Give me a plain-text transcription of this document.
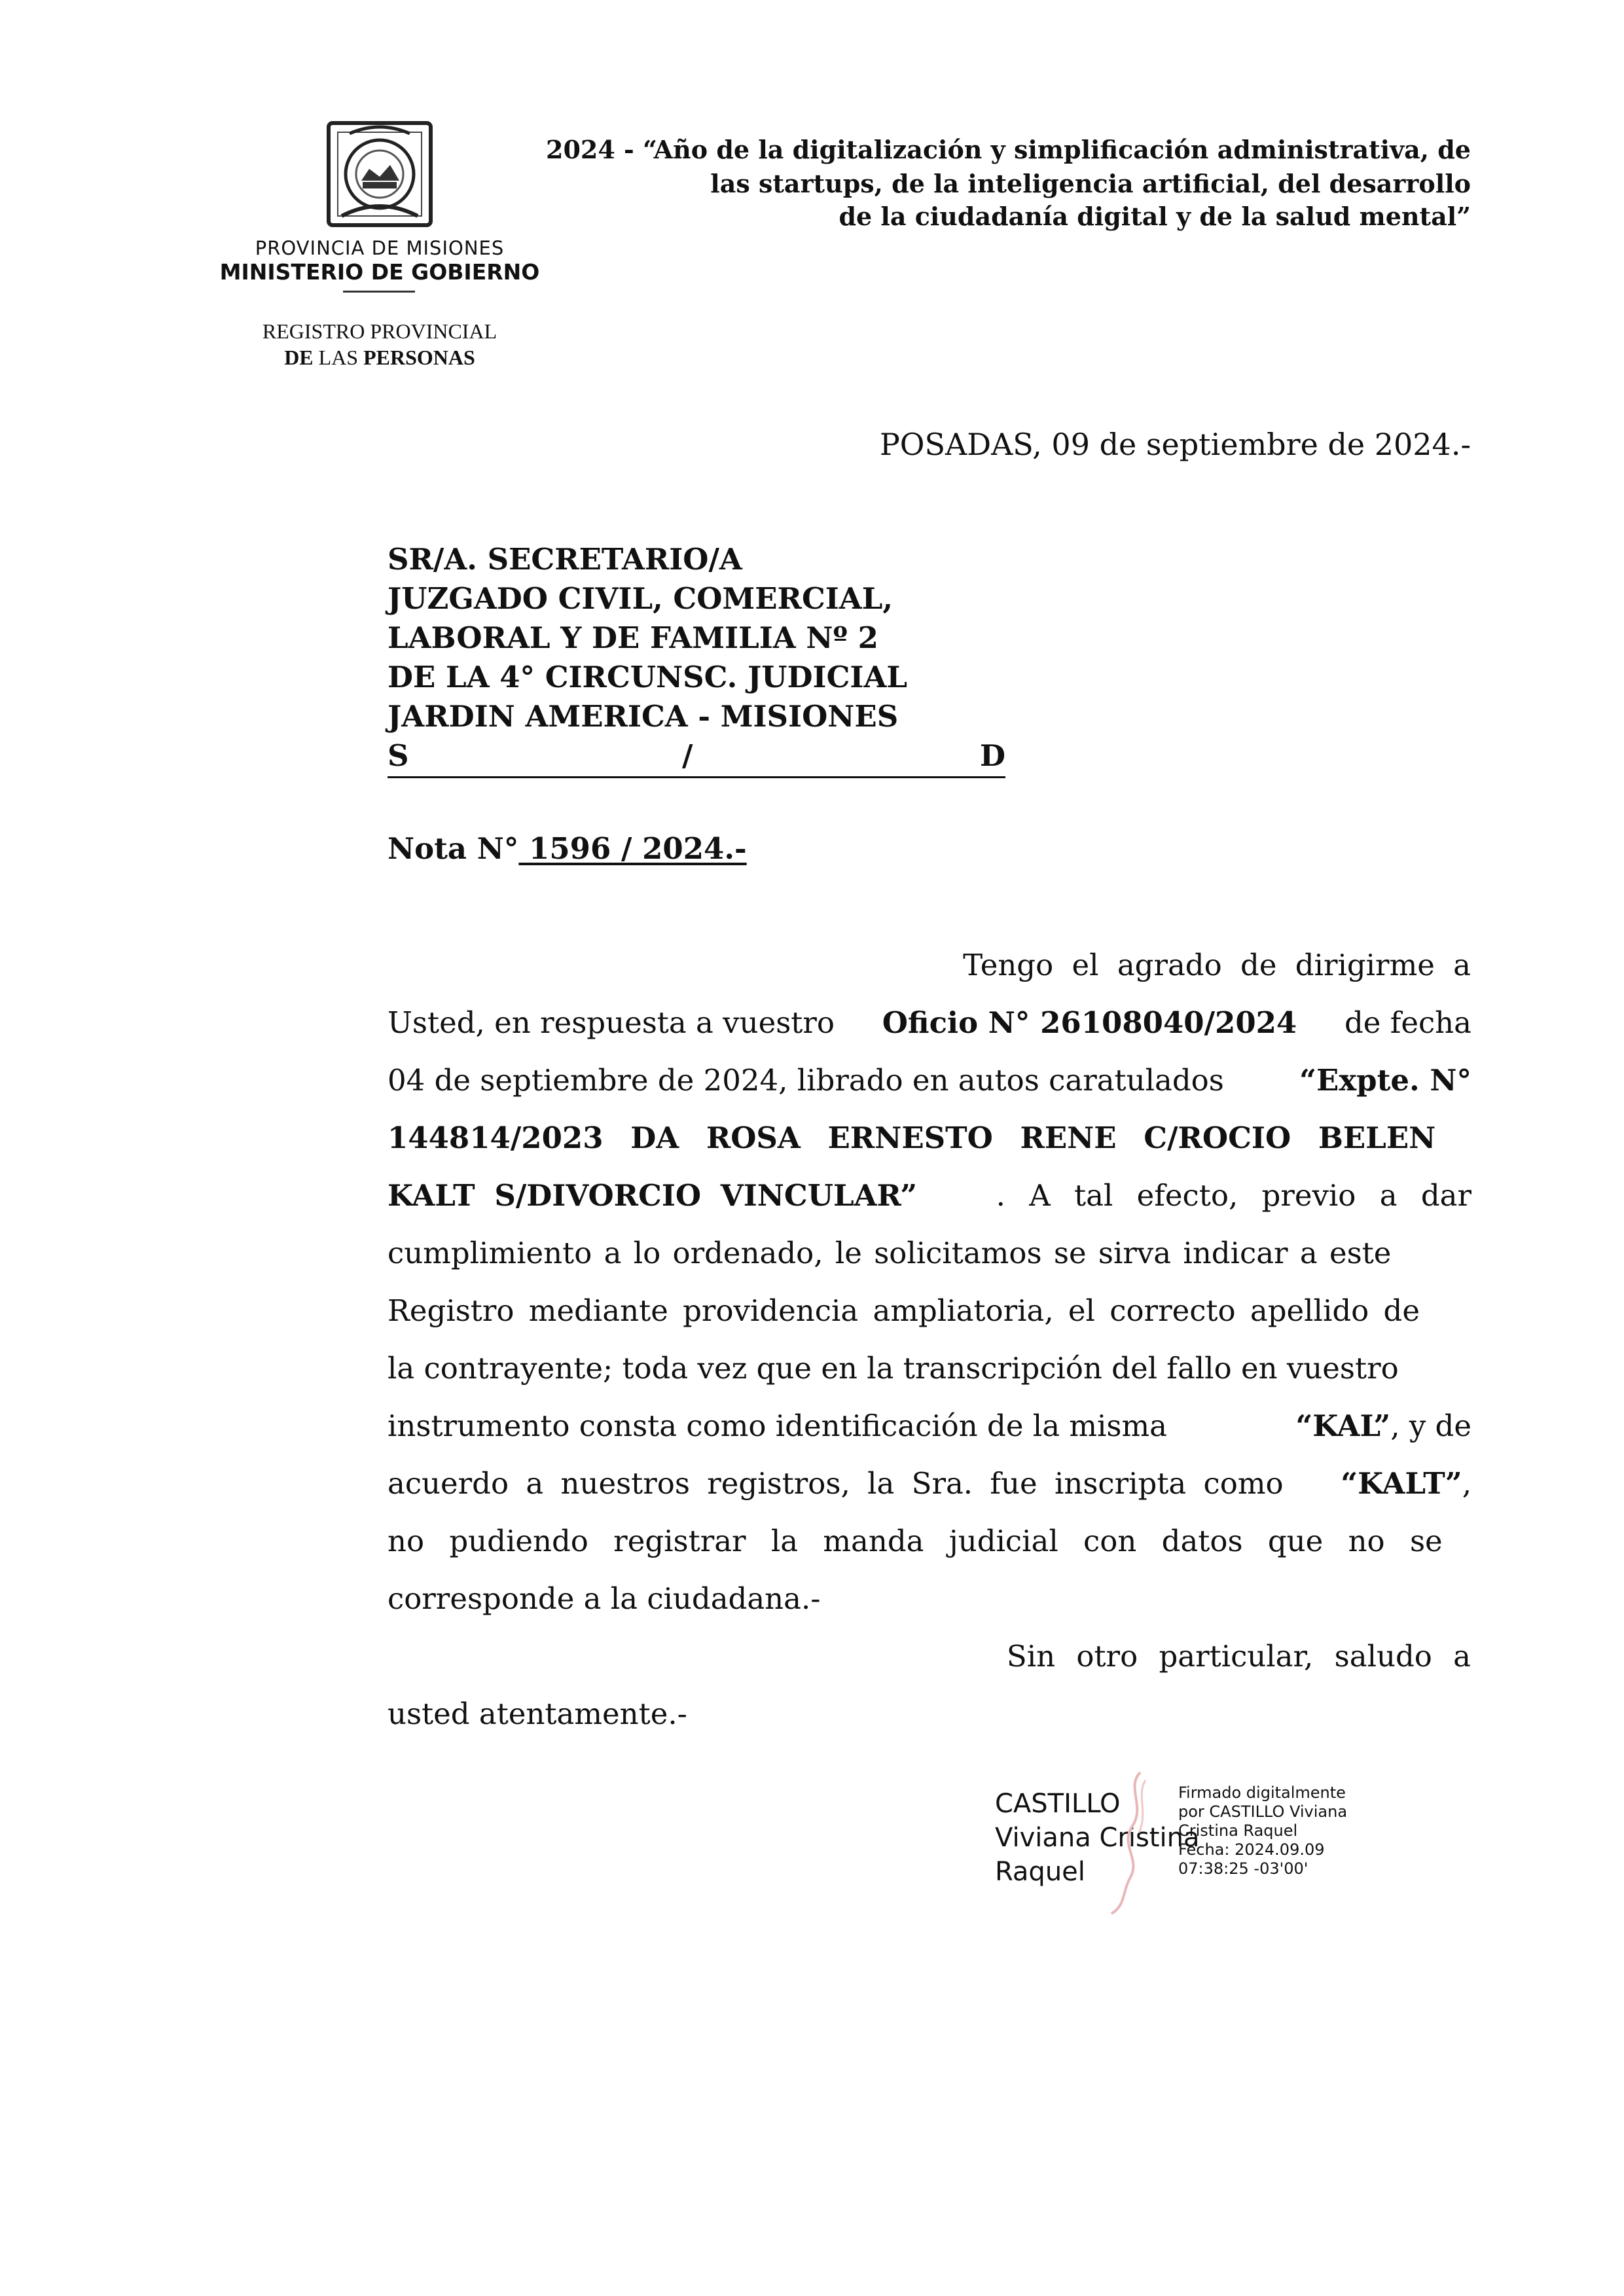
PROVINCIA DE MISIONES
MINISTERIO DE GOBIERNO
REGISTRO PROVINCIAL
DE LAS PERSONAS
2024 - “Año de la digitalización y simplificación administrativa, de
las startups, de la inteligencia artificial, del desarrollo
de la ciudadanía digital y de la salud mental”
POSADAS, 09 de septiembre de 2024.-
SR/A. SECRETARIO/A
JUZGADO CIVIL, COMERCIAL,
LABORAL Y DE FAMILIA Nº 2
DE LA 4° CIRCUNSC. JUDICIAL
JARDIN AMERICA - MISIONES
S	/	D
Nota N° 1596 / 2024.-
Tengo el agrado de dirigirme a
Usted, en respuesta a vuestro Oficio N° 26108040/2024 de fecha
04 de septiembre de 2024, librado en autos caratulados	“Expte. N°
144814/2023 DA ROSA ERNESTO RENE C/ROCIO BELEN
KALT S/DIVORCIO VINCULAR”	. A tal efecto, previo a dar
cumplimiento a lo ordenado, le solicitamos se sirva indicar a este
Registro mediante providencia ampliatoria, el correcto apellido de
la contrayente; toda vez que en la transcripción del fallo en vuestro
instrumento consta como identificación de la misma	“KAL”, y de
acuerdo a nuestros registros, la Sra. fue inscripta como “KALT”,
no pudiendo registrar la manda judicial con datos que no se
corresponde a la ciudadana.-
Sin otro particular, saludo a
usted atentamente.-
CASTILLO
Viviana Cristina
Raquel
Firmado digitalmente
por CASTILLO Viviana
Cristina Raquel
Fecha: 2024.09.09
07:38:25 -03'00'
